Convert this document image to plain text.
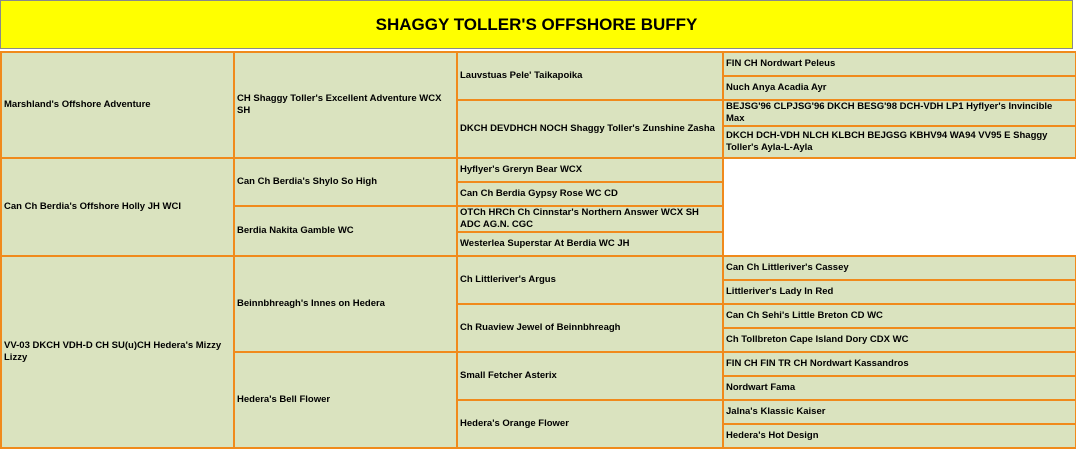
SHAGGY TOLLER'S OFFSHORE BUFFY
Marshland's Offshore Adventure	CH Shaggy Toller's Excellent Adventure WCX SH	Lauvstuas Pele' Taikapoika	FIN CH Nordwart Peleus
			Nuch Anya Acadia Ayr
		DKCH DEVDHCH NOCH Shaggy Toller's Zunshine Zasha	BEJSG'96 CLPJSG'96 DKCH BESG'98 DCH-VDH LP1 Hyflyer's Invincible Max
			DKCH DCH-VDH NLCH KLBCH BEJGSG KBHV94 WA94 VV95 E Shaggy Toller's Ayla-L-Ayla
Can Ch Berdia's Offshore Holly JH WCI	Can Ch Berdia's Shylo So High	Hyflyer's Greryn Bear WCX	
		Can Ch Berdia Gypsy Rose WC CD	
	Berdia Nakita Gamble WC	OTCh HRCh Ch Cinnstar's Northern Answer WCX SH ADC AG.N. CGC	
		Westerlea Superstar At Berdia WC JH	
VV-03 DKCH VDH-D CH SU(u)CH Hedera's Mizzy Lizzy	Beinnbhreagh's Innes on Hedera	Ch Littleriver's Argus	Can Ch Littleriver's Cassey
			Littleriver's Lady In Red
		Ch Ruaview Jewel of Beinnbhreagh	Can Ch Sehi's Little Breton CD WC
			Ch Tollbreton Cape Island Dory CDX WC
	Hedera's Bell Flower	Small Fetcher Asterix	FIN CH FIN TR CH Nordwart Kassandros
			Nordwart Fama
		Hedera's Orange Flower	Jalna's Klassic Kaiser
			Hedera's Hot Design
